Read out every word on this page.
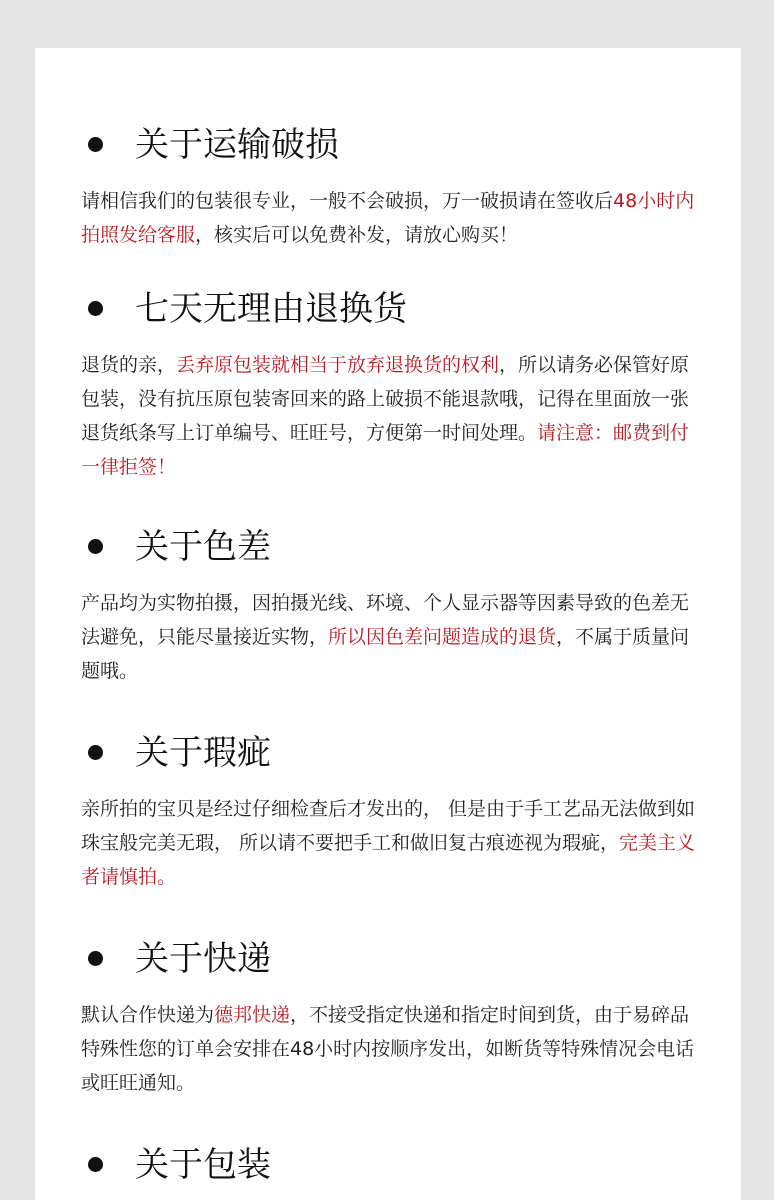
关于运输破损
请相信我们的包装很专业，一般不会破损，万一破损请在签收后48小时内拍照发给客服，核实后可以免费补发，请放心购买！
七天无理由退换货
退货的亲，丢弃原包装就相当于放弃退换货的权利，所以请务必保管好原包装，没有抗压原包装寄回来的路上破损不能退款哦，记得在里面放一张退货纸条写上订单编号、旺旺号，方便第一时间处理。请注意：邮费到付一律拒签！
关于色差
产品均为实物拍摄，因拍摄光线、环境、个人显示器等因素导致的色差无法避免，只能尽量接近实物，所以因色差问题造成的退货，不属于质量问题哦。
关于瑕疵
亲所拍的宝贝是经过仔细检查后才发出的， 但是由于手工艺品无法做到如珠宝般完美无瑕， 所以请不要把手工和做旧复古痕迹视为瑕疵，完美主义者请慎拍。
关于快递
默认合作快递为德邦快递，不接受指定快递和指定时间到货，由于易碎品特殊性您的订单会安排在48小时内按顺序发出，如断货等特殊情况会电话或旺旺通知。
关于包装
